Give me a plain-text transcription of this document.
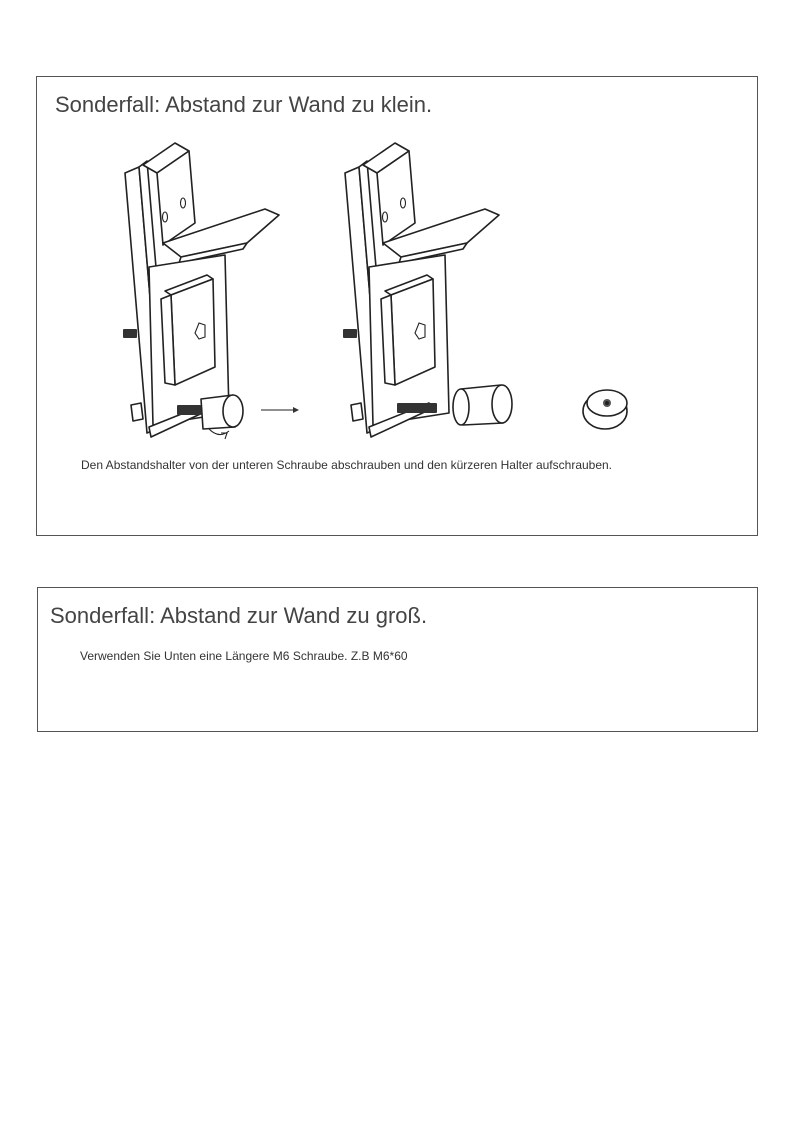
Sonderfall: Abstand zur Wand zu klein.
Den Abstandshalter von der unteren Schraube abschrauben und den kürzeren Halter aufschrauben.
Sonderfall: Abstand zur Wand zu groß.
Verwenden Sie Unten eine Längere M6 Schraube. Z.B M6*60
